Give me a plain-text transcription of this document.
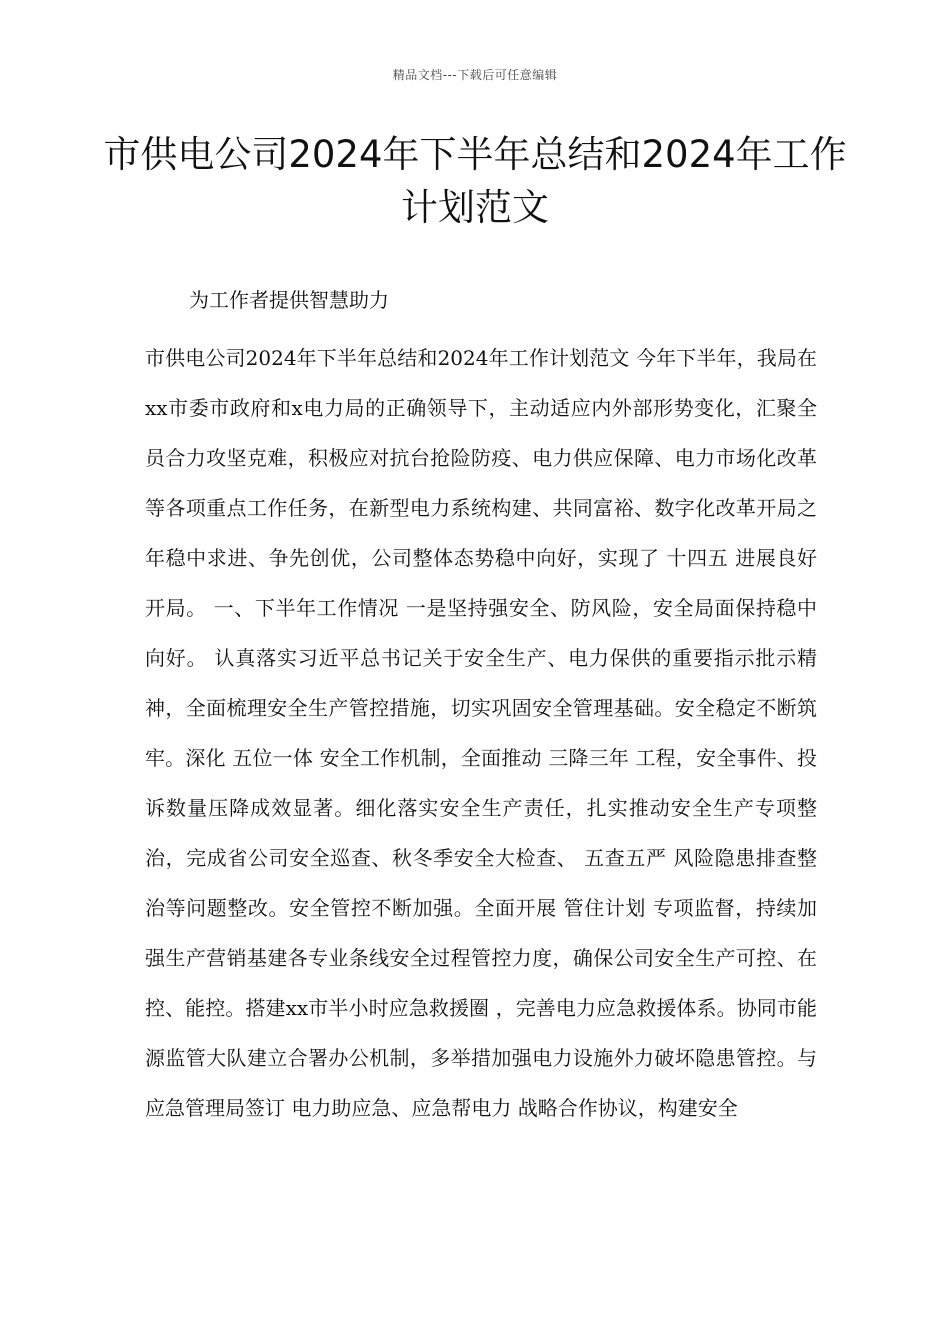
精品文档---下载后可任意编辑
市供电公司2024年下半年总结和2024年工作计划范文

为工作者提供智慧助力

市供电公司2024年下半年总结和2024年工作计划范文 今年下半年，我局在xx市委市政府和x电力局的正确领导下，主动适应内外部形势变化，汇聚全员合力攻坚克难，积极应对抗台抢险防疫、电力供应保障、电力市场化改革等各项重点工作任务，在新型电力系统构建、共同富裕、数字化改革开局之年稳中求进、争先创优，公司整体态势稳中向好，实现了 十四五 进展良好开局。 一、下半年工作情况 一是坚持强安全、防风险，安全局面保持稳中向好。 认真落实习近平总书记关于安全生产、电力保供的重要指示批示精神，全面梳理安全生产管控措施，切实巩固安全管理基础。安全稳定不断筑牢。深化 五位一体 安全工作机制，全面推动 三降三年 工程，安全事件、投诉数量压降成效显著。细化落实安全生产责任，扎实推动安全生产专项整治，完成省公司安全巡查、秋冬季安全大检查、 五查五严 风险隐患排查整治等问题整改。安全管控不断加强。全面开展 管住计划 专项监督，持续加强生产营销基建各专业条线安全过程管控力度，确保公司安全生产可控、在控、能控。搭建xx市半小时应急救援圈 ，完善电力应急救援体系。协同市能源监管大队建立合署办公机制，多举措加强电力设施外力破坏隐患管控。与应急管理局签订 电力助应急、应急帮电力 战略合作协议，构建安全
